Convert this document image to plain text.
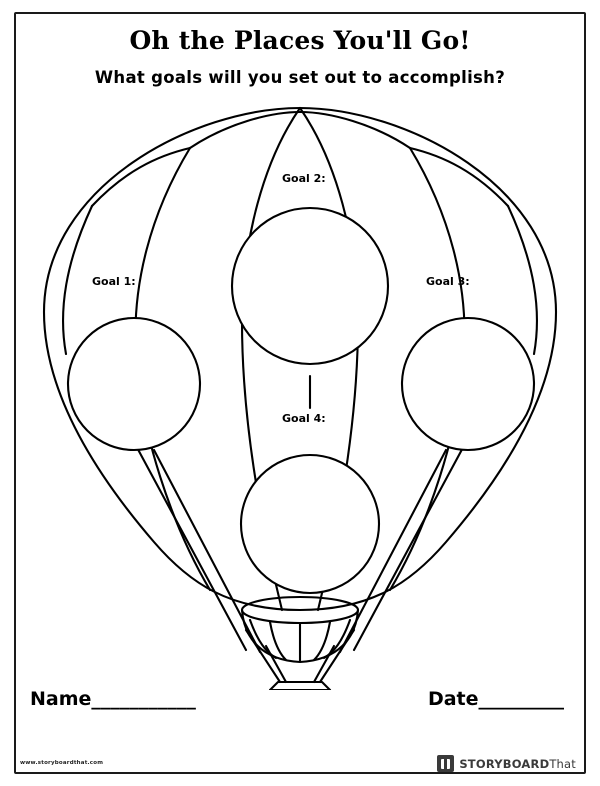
Oh the Places You'll Go!
What goals will you set out to accomplish?
Goal 1:
Goal 2:
Goal 3:
Goal 4:
Name___________	Date_________
www.storyboardthat.com	STORYBOARDThat
